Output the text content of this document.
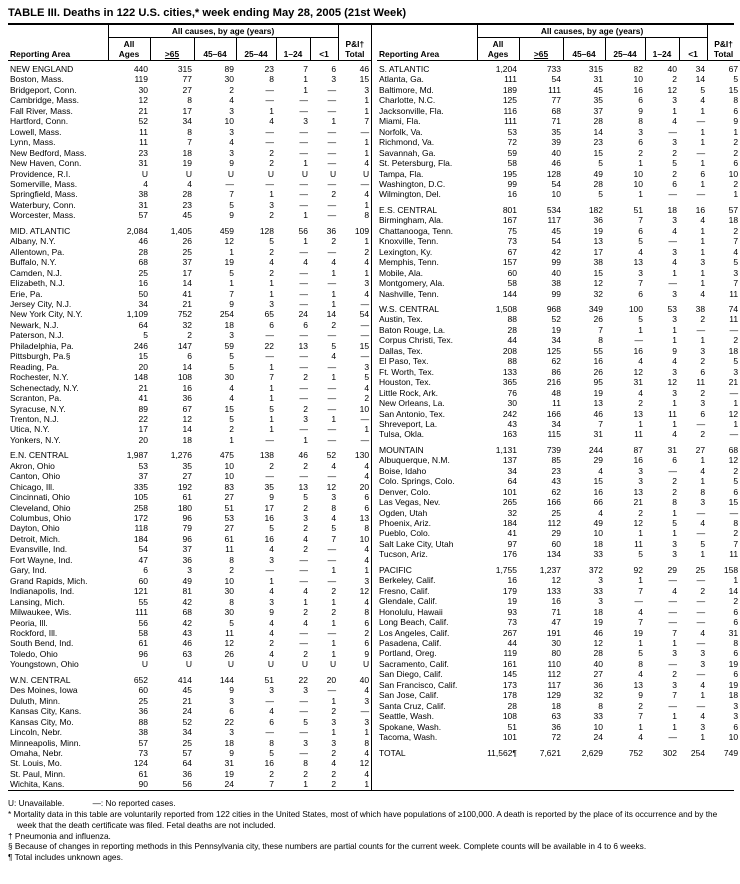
TABLE III. Deaths in 122 U.S. cities,* week ending May 28, 2005 (21st Week)
	All causes, by age (years)						
Reporting Area	All
Ages	>65	45–64	25–44	1–24	<1	P&I†
Total
NEW ENGLAND	440	315	89	23	7	6	46
Boston, Mass.	119	77	30	8	1	3	15
Bridgeport, Conn.	30	27	2	—	1	—	3
Cambridge, Mass.	12	8	4	—	—	—	1
Fall River, Mass.	21	17	3	1	—	—	1
Hartford, Conn.	52	34	10	4	3	1	7
Lowell, Mass.	11	8	3	—	—	—	—
Lynn, Mass.	11	7	4	—	—	—	1
New Bedford, Mass.	23	18	3	2	—	—	1
New Haven, Conn.	31	19	9	2	1	—	4
Providence, R.I.	U	U	U	U	U	U	U
Somerville, Mass.	4	4	—	—	—	—	—
Springfield, Mass.	38	28	7	1	—	2	4
Waterbury, Conn.	31	23	5	3	—	—	1
Worcester, Mass.	57	45	9	2	1	—	8
MID. ATLANTIC	2,084	1,405	459	128	56	36	109
Albany, N.Y.	46	26	12	5	1	2	1
Allentown, Pa.	28	25	1	2	—	—	2
Buffalo, N.Y.	68	37	19	4	4	4	4
Camden, N.J.	25	17	5	2	—	1	1
Elizabeth, N.J.	16	14	1	1	—	—	3
Erie, Pa.	50	41	7	1	—	1	4
Jersey City, N.J.	34	21	9	3	—	1	—
New York City, N.Y.	1,109	752	254	65	24	14	54
Newark, N.J.	64	32	18	6	6	2	—
Paterson, N.J.	5	2	3	—	—	—	—
Philadelphia, Pa.	246	147	59	22	13	5	15
Pittsburgh, Pa.§	15	6	5	—	—	4	—
Reading, Pa.	20	14	5	1	—	—	3
Rochester, N.Y.	148	108	30	7	2	1	5
Schenectady, N.Y.	21	16	4	1	—	—	4
Scranton, Pa.	41	36	4	1	—	—	2
Syracuse, N.Y.	89	67	15	5	2	—	10
Trenton, N.J.	22	12	5	1	3	1	—
Utica, N.Y.	17	14	2	1	—	—	1
Yonkers, N.Y.	20	18	1	—	1	—	—
E.N. CENTRAL	1,987	1,276	475	138	46	52	130
Akron, Ohio	53	35	10	2	2	4	4
Canton, Ohio	37	27	10	—	—	—	4
Chicago, Ill.	335	192	83	35	13	12	20
Cincinnati, Ohio	105	61	27	9	5	3	6
Cleveland, Ohio	258	180	51	17	2	8	6
Columbus, Ohio	172	96	53	16	3	4	13
Dayton, Ohio	118	79	27	5	2	5	8
Detroit, Mich.	184	96	61	16	4	7	10
Evansville, Ind.	54	37	11	4	2	—	4
Fort Wayne, Ind.	47	36	8	3	—	—	4
Gary, Ind.	6	3	2	—	—	1	1
Grand Rapids, Mich.	60	49	10	1	—	—	3
Indianapolis, Ind.	121	81	30	4	4	2	12
Lansing, Mich.	55	42	8	3	1	1	4
Milwaukee, Wis.	111	68	30	9	2	2	8
Peoria, Ill.	56	42	5	4	4	1	6
Rockford, Ill.	58	43	11	4	—	—	2
South Bend, Ind.	61	46	12	2	—	1	6
Toledo, Ohio	96	63	26	4	2	1	9
Youngstown, Ohio	U	U	U	U	U	U	U
W.N. CENTRAL	652	414	144	51	22	20	40
Des Moines, Iowa	60	45	9	3	3	—	4
Duluth, Minn.	25	21	3	—	—	1	3
Kansas City, Kans.	36	24	6	4	—	2	—
Kansas City, Mo.	88	52	22	6	5	3	3
Lincoln, Nebr.	38	34	3	—	—	1	1
Minneapolis, Minn.	57	25	18	8	3	3	8
Omaha, Nebr.	73	57	9	5	—	2	4
St. Louis, Mo.	124	64	31	16	8	4	12
St. Paul, Minn.	61	36	19	2	2	2	4
Wichita, Kans.	90	56	24	7	1	2	1
	All causes, by age (years)						
Reporting Area	All
Ages	>65	45–64	25–44	1–24	<1	P&I†
Total
S. ATLANTIC	1,204	733	315	82	40	34	67
Atlanta, Ga.	111	54	31	10	2	14	5
Baltimore, Md.	189	111	45	16	12	5	15
Charlotte, N.C.	125	77	35	6	3	4	8
Jacksonville, Fla.	116	68	37	9	1	1	6
Miami, Fla.	111	71	28	8	4	—	9
Norfolk, Va.	53	35	14	3	—	1	1
Richmond, Va.	72	39	23	6	3	1	2
Savannah, Ga.	59	40	15	2	2	—	2
St. Petersburg, Fla.	58	46	5	1	5	1	6
Tampa, Fla.	195	128	49	10	2	6	10
Washington, D.C.	99	54	28	10	6	1	2
Wilmington, Del.	16	10	5	1	—	—	1
E.S. CENTRAL	801	534	182	51	18	16	57
Birmingham, Ala.	167	117	36	7	3	4	18
Chattanooga, Tenn.	75	45	19	6	4	1	2
Knoxville, Tenn.	73	54	13	5	—	1	7
Lexington, Ky.	67	42	17	4	3	1	4
Memphis, Tenn.	157	99	38	13	4	3	5
Mobile, Ala.	60	40	15	3	1	1	3
Montgomery, Ala.	58	38	12	7	—	1	7
Nashville, Tenn.	144	99	32	6	3	4	11
W.S. CENTRAL	1,508	968	349	100	53	38	74
Austin, Tex.	88	52	26	5	3	2	11
Baton Rouge, La.	28	19	7	1	1	—	—
Corpus Christi, Tex.	44	34	8	—	1	1	2
Dallas, Tex.	208	125	55	16	9	3	18
El Paso, Tex.	88	62	16	4	4	2	5
Ft. Worth, Tex.	133	86	26	12	3	6	3
Houston, Tex.	365	216	95	31	12	11	21
Little Rock, Ark.	76	48	19	4	3	2	—
New Orleans, La.	30	11	13	2	1	3	1
San Antonio, Tex.	242	166	46	13	11	6	12
Shreveport, La.	43	34	7	1	1	—	1
Tulsa, Okla.	163	115	31	11	4	2	—
MOUNTAIN	1,131	739	244	87	31	27	68
Albuquerque, N.M.	137	85	29	16	6	1	12
Boise, Idaho	34	23	4	3	—	4	2
Colo. Springs, Colo.	64	43	15	3	2	1	5
Denver, Colo.	101	62	16	13	2	8	6
Las Vegas, Nev.	265	166	66	21	8	3	15
Ogden, Utah	32	25	4	2	1	—	—
Phoenix, Ariz.	184	112	49	12	5	4	8
Pueblo, Colo.	41	29	10	1	1	—	2
Salt Lake City, Utah	97	60	18	11	3	5	7
Tucson, Ariz.	176	134	33	5	3	1	11
PACIFIC	1,755	1,237	372	92	29	25	158
Berkeley, Calif.	16	12	3	1	—	—	1
Fresno, Calif.	179	133	33	7	4	2	14
Glendale, Calif.	19	16	3	—	—	—	2
Honolulu, Hawaii	93	71	18	4	—	—	6
Long Beach, Calif.	73	47	19	7	—	—	6
Los Angeles, Calif.	267	191	46	19	7	4	31
Pasadena, Calif.	44	30	12	1	1	—	8
Portland, Oreg.	119	80	28	5	3	3	6
Sacramento, Calif.	161	110	40	8	—	3	19
San Diego, Calif.	145	112	27	4	2	—	6
San Francisco, Calif.	173	117	36	13	3	4	19
San Jose, Calif.	178	129	32	9	7	1	18
Santa Cruz, Calif.	28	18	8	2	—	—	3
Seattle, Wash.	108	63	33	7	1	4	3
Spokane, Wash.	51	36	10	1	1	3	6
Tacoma, Wash.	101	72	24	4	—	1	10
TOTAL	11,562¶	7,621	2,629	752	302	254	749
U: Unavailable.	—: No reported cases.

* Mortality data in this table are voluntarily reported from 122 cities in the United States, most of which have populations of ≥100,000. A death is reported by the place of its occurrence and by the week that the death certificate was filed. Fetal deaths are not included.

† Pneumonia and influenza.

§ Because of changes in reporting methods in this Pennsylvania city, these numbers are partial counts for the current week. Complete counts will be available in 4 to 6 weeks.

¶ Total includes unknown ages.
